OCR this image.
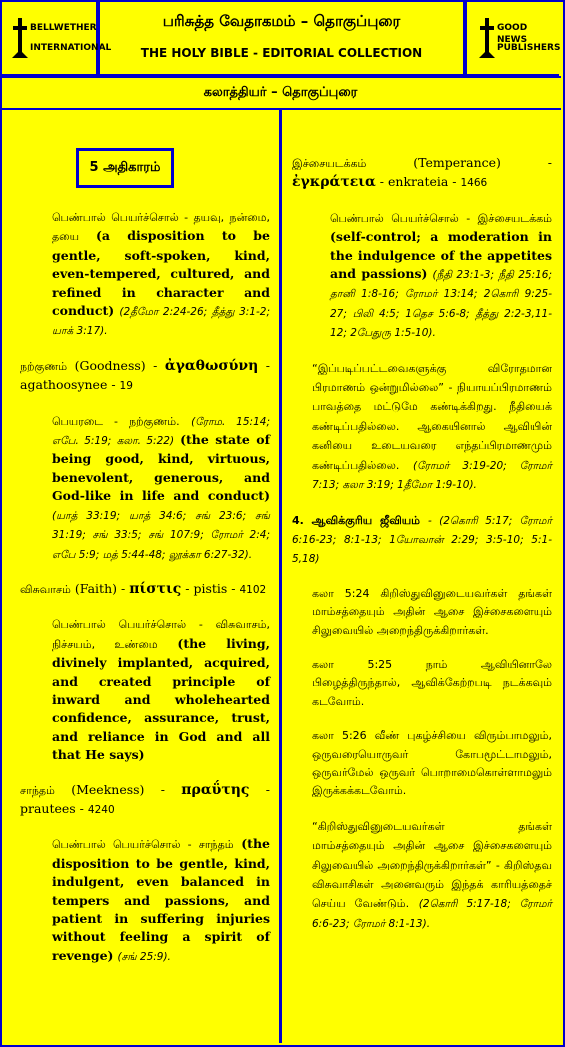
BELLWETHER
INTERNATIONAL
பரிசுத்த வேதாகமம் – தொகுப்புரை
THE HOLY BIBLE - EDITORIAL COLLECTION
GOOD NEWS
PUBLISHERS
கலாத்தியர் – தொகுப்புரை
5 அதிகாரம்

பெண்பால் பெயர்ச்சொல் - தயவு, நன்மை, தயை (a disposition to be gentle, soft-spoken, kind, even-tempered, cultured, and refined in character and conduct) (2தீமோ 2:24-26; தீத்து 3:1-2; யாக் 3:17).

நற்குணம் (Goodness) - ἀγαθωσύνη - agathoosynee - 19

பெயரடை - நற்குணம். (ரோம. 15:14; எபே. 5:19; கலா. 5:22) (the state of being good, kind, virtuous, benevolent, generous, and God-like in life and conduct) (யாத் 33:19; யாத் 34:6; சங் 23:6; சங் 31:19; சங் 33:5; சங் 107:9; ரோமர் 2:4; எபே 5:9; மத் 5:44-48; லூக்கா 6:27-32).

விசுவாசம் (Faith) - πίστις - pistis - 4102

பெண்பால் பெயர்ச்சொல் - விசுவாசம், நிச்சயம், உண்மை (the living, divinely implanted, acquired, and created principle of inward and wholehearted confidence, assurance, trust, and reliance in God and all that He says)

சாந்தம் (Meekness) - πραΰτης - prautees - 4240

பெண்பால் பெயர்ச்சொல் - சாந்தம் (the disposition to be gentle, kind, indulgent, even balanced in tempers and passions, and patient in suffering injuries without feeling a spirit of revenge) (சங் 25:9).

இச்சையடக்கம்	(Temperance) - ἐγκράτεια - enkrateia - 1466

பெண்பால் பெயர்ச்சொல் - இச்சையடக்கம் (self-control; a moderation in the indulgence of the appetites and passions) (நீதி 23:1-3; நீதி 25:16; தானி 1:8-16; ரோமர் 13:14; 2கொரி 9:25-27; பிலி 4:5; 1தெச 5:6-8; தீத்து 2:2-3,11-12; 2பேதுரு 1:5-10).

“இப்படிப்பட்டவைகளுக்கு விரோதமான பிரமாணம் ஒன்றுமில்லை” - நியாயப்பிரமாணம் பாவத்தை மட்டுமே கண்டிக்கிறது. நீதியைக் கண்டிப்பதில்லை. ஆகையினால் ஆவியின் கனியை உடையவரை எந்தப்பிரமாணமும் கண்டிப்பதில்லை. (ரோமர் 3:19-20; ரோமர் 7:13; கலா 3:19; 1தீமோ 1:9-10).

4. ஆவிக்குரிய ஜீவியம் - (2கொரி 5:17; ரோமர் 6:16-23; 8:1-13; 1யோவான் 2:29; 3:5-10; 5:1-5,18)

கலா 5:24 கிறிஸ்துவினுடையவர்கள் தங்கள் மாம்சத்தையும் அதின் ஆசை இச்சைகளையும் சிலுவையில் அறைந்திருக்கிறார்கள்.

கலா 5:25 நாம் ஆவியினாலே பிழைத்திருந்தால், ஆவிக்கேற்றபடி நடக்கவும் கடவோம்.

கலா 5:26 வீண் புகழ்ச்சியை விரும்பாமலும், ஒருவரையொருவர் கோபமூட்டாமலும், ஒருவர்மேல் ஒருவர் பொறாமைகொள்ளாமலும் இருக்கக்கடவோம்.

“கிறிஸ்துவினுடையவர்கள் தங்கள் மாம்சத்தையும் அதின் ஆசை இச்சைகளையும் சிலுவையில் அறைந்திருக்கிறார்கள்” - கிறிஸ்தவ விசுவாசிகள் அனைவரும் இந்தக் காரியத்தைச் செய்ய வேண்டும். (2கொரி 5:17-18; ரோமர் 6:6-23; ரோமர் 8:1-13).
